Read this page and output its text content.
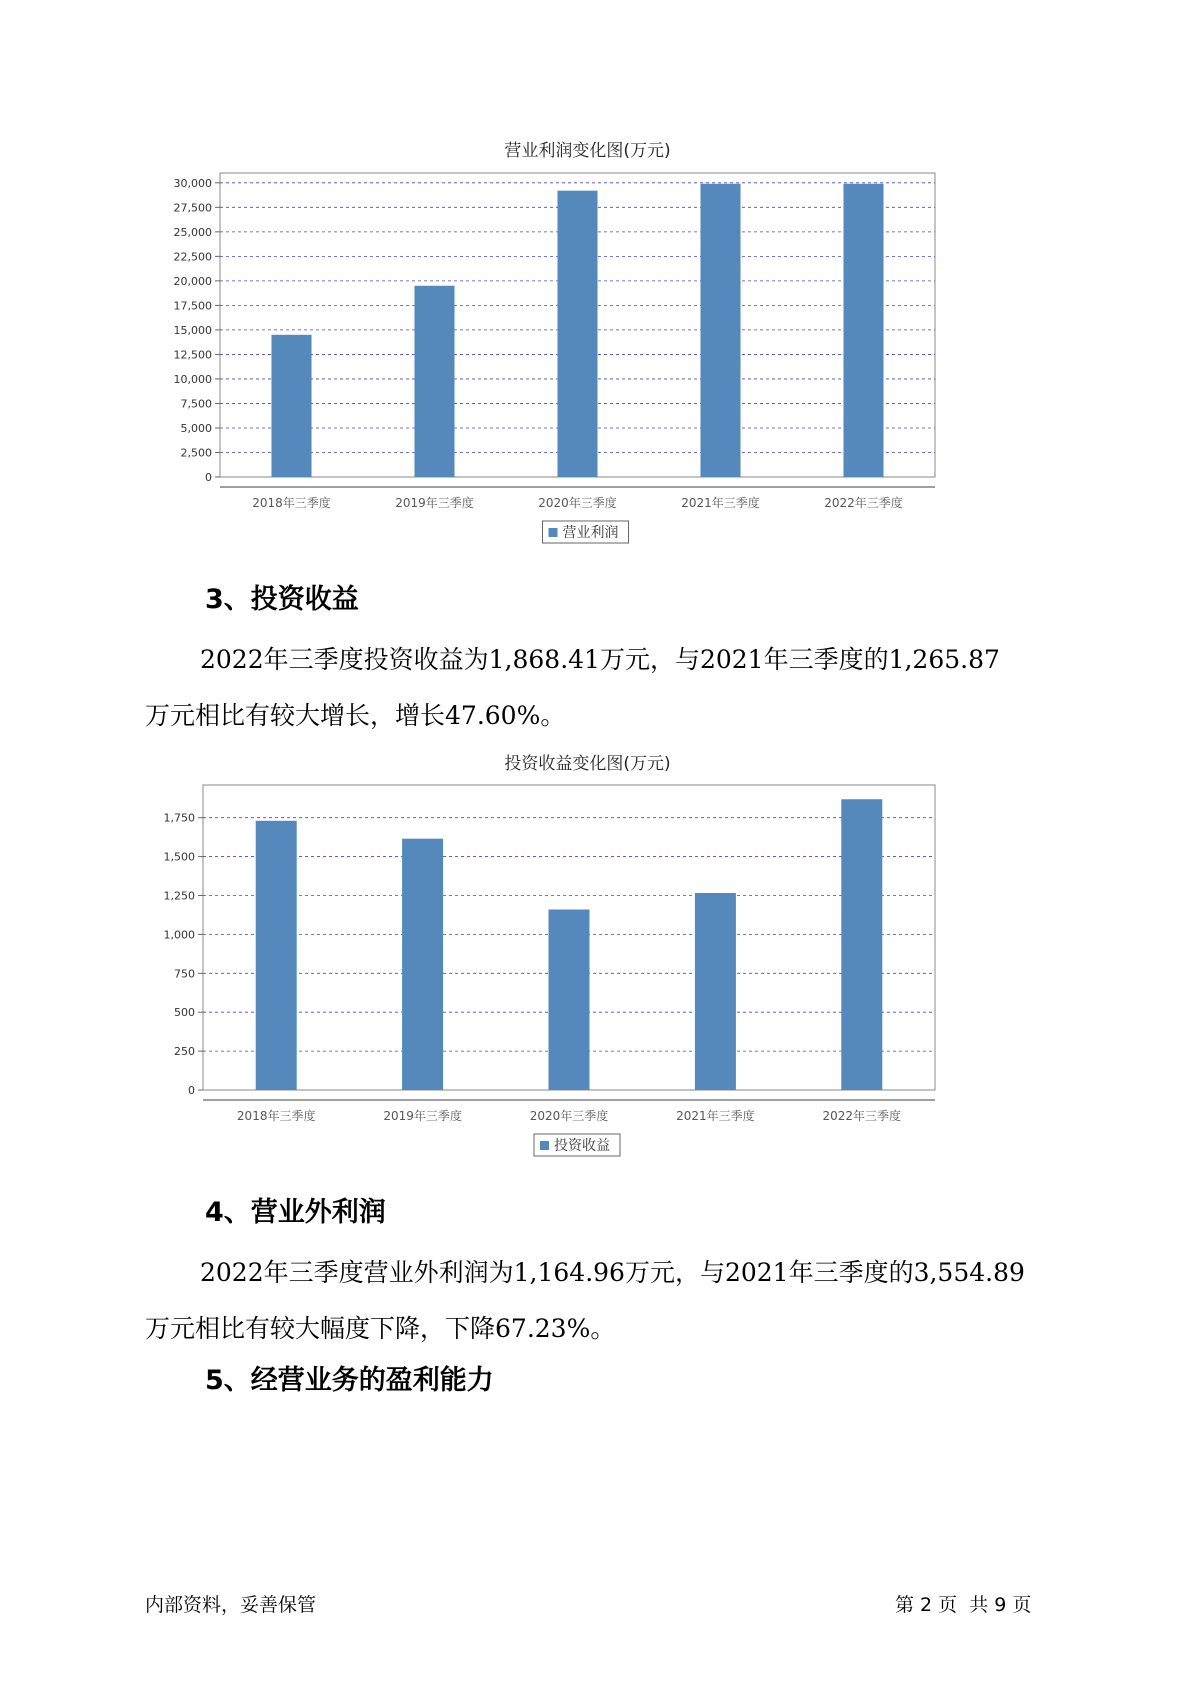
营业利润变化图(万元)
0
2,500
5,000
7,500
10,000
12,500
15,000
17,500
20,000
22,500
25,000
27,500
30,000
2018年三季度	2019年三季度	2020年三季度	2021年三季度	2022年三季度
营业利润
3、投资收益
2022年三季度投资收益为1,868.41万元，与2021年三季度的1,265.87
万元相比有较大增长，增长47.60%。
投资收益变化图(万元)
0
250
500
750
1,000
1,250
1,500
1,750
2018年三季度	2019年三季度	2020年三季度	2021年三季度	2022年三季度
投资收益
4、营业外利润
2022年三季度营业外利润为1,164.96万元，与2021年三季度的3,554.89
万元相比有较大幅度下降，下降67.23%。
5、经营业务的盈利能力
内部资料，妥善保管	第 2 页  共 9 页
